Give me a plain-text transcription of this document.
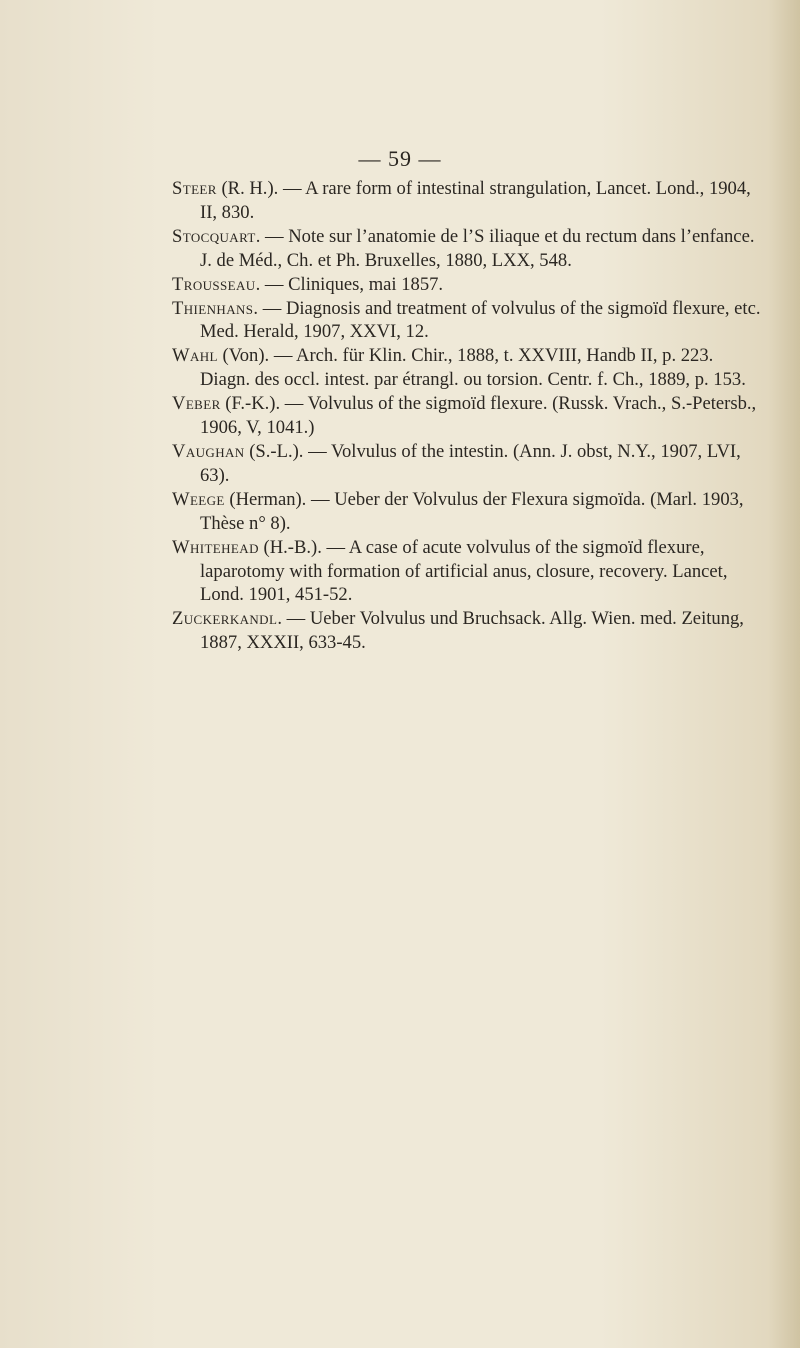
— 59 —

Steer (R. H.). — A rare form of intestinal strangulation, Lancet. Lond., 1904, II, 830.

Stocquart. — Note sur l’anatomie de l’S iliaque et du rectum dans l’enfance. J. de Méd., Ch. et Ph. Bruxelles, 1880, LXX, 548.

Trousseau. — Cliniques, mai 1857.

Thienhans. — Diagnosis and treatment of volvulus of the sigmoïd flexure, etc. Med. Herald, 1907, XXVI, 12.

Wahl (Von). — Arch. für Klin. Chir., 1888, t. XXVIII, Handb II, p. 223. Diagn. des occl. intest. par étrangl. ou torsion. Centr. f. Ch., 1889, p. 153.

Veber (F.-K.). — Volvulus of the sigmoïd flexure. (Russk. Vrach., S.-Petersb., 1906, V, 1041.)

Vaughan (S.-L.). — Volvulus of the intestin. (Ann. J. obst, N.Y., 1907, LVI, 63).

Weege (Herman). — Ueber der Volvulus der Flexura sigmoïda. (Marl. 1903, Thèse n° 8).

Whitehead (H.-B.). — A case of acute volvulus of the sigmoïd flexure, laparotomy with formation of artificial anus, closure, recovery. Lancet, Lond. 1901, 451-52.

Zuckerkandl. — Ueber Volvulus und Bruchsack. Allg. Wien. med. Zeitung, 1887, XXXII, 633-45.
